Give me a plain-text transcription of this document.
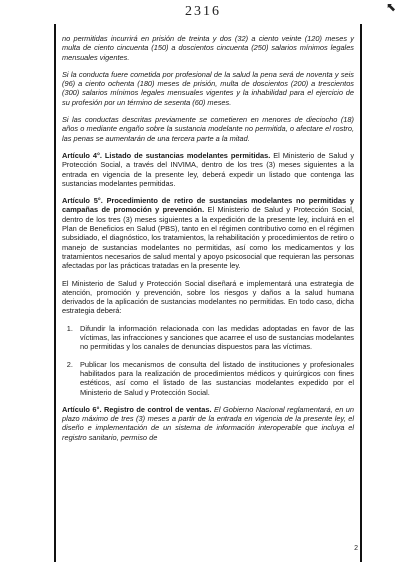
2316	⬉

no permitidas incurrirá en prisión de treinta y dos (32) a ciento veinte (120) meses y multa de ciento cincuenta (150) a doscientos cincuenta (250) salarios mínimos legales mensuales vigentes.

Si la conducta fuere cometida por profesional de la salud la pena será de noventa y seis (96) a ciento ochenta (180) meses de prisión, multa de doscientos (200) a trescientos (300) salarios mínimos legales mensuales vigentes y la inhabilidad para el ejercicio de su profesión por un término de sesenta (60) meses.

Si las conductas descritas previamente se cometieren en menores de dieciocho (18) años o mediante engaño sobre la sustancia modelante no permitida, o afectare el rostro, las penas se aumentarán de una tercera parte a la mitad.

Artículo 4°. Listado de sustancias modelantes permitidas. El Ministerio de Salud y Protección Social, a través del INVIMA, dentro de los tres (3) meses siguientes a la entrada en vigencia de la presente ley, deberá expedir un listado que contenga las sustancias modelantes permitidas.

Artículo 5°. Procedimiento de retiro de sustancias modelantes no permitidas y campañas de promoción y prevención. El Ministerio de Salud y Protección Social, dentro de los tres (3) meses siguientes a la expedición de la presente ley, incluirá en el Plan de Beneficios en Salud (PBS), tanto en el régimen contributivo como en el régimen subsidiado, el diagnóstico, los tratamientos, la rehabilitación y procedimientos de retiro o manejo de sustancias modelantes no permitidas, así como los medicamentos y los tratamientos necesarios de salud mental y apoyo psicosocial que requieran las personas afectadas por las prácticas tratadas en la presente ley.

El Ministerio de Salud y Protección Social diseñará e implementará una estrategia de atención, promoción y prevención, sobre los riesgos y daños a la salud humana derivados de la aplicación de sustancias modelantes no permitidas. En todo caso, dicha estrategia deberá:

1. Difundir la información relacionada con las medidas adoptadas en favor de las víctimas, las infracciones y sanciones que acarree el uso de sustancias modelantes no permitidas y los canales de denuncias dispuestos para las víctimas.
2. Publicar los mecanismos de consulta del listado de instituciones y profesionales habilitados para la realización de procedimientos médicos y quirúrgicos con fines estéticos, así como el listado de las sustancias modelantes expedido por el Ministerio de Salud y Protección Social.

Artículo 6°. Registro de control de ventas. El Gobierno Nacional reglamentará, en un plazo máximo de tres (3) meses a partir de la entrada en vigencia de la presente ley, el diseño e implementación de un sistema de información interoperable que incluya el registro sanitario, permiso de

2
